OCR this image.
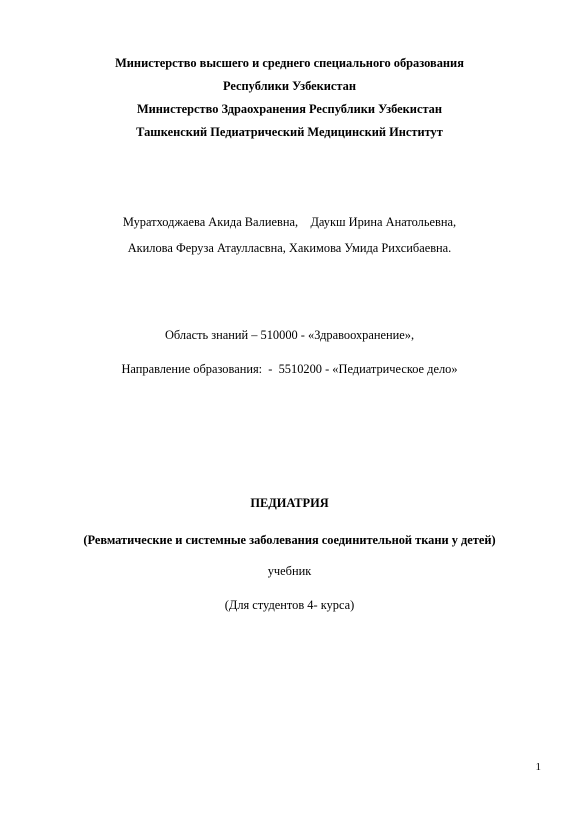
Министерство высшего и среднего специального образования
Республики Узбекистан
Министерство Здраохранения Республики Узбекистан
Ташкенский Педиатрический Медицинский Институт
Муратходжаева Акида Валиевна,    Даукш Ирина Анатольевна,
Акилова Феруза Атаулласвна, Хакимова Умида Рихсибаевна.
Область знаний – 510000 - «Здравоохранение»,
Направление образования:  -  5510200 - «Педиатрическое дело»
ПЕДИАТРИЯ
(Ревматические и системные заболевания соединительной ткани у детей)
учебник
(Для студентов 4- курса)
1
